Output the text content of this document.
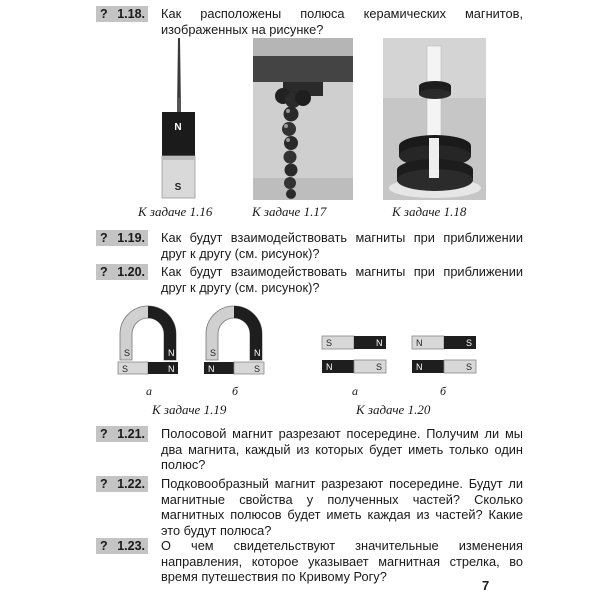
? 1.18. Как расположены полюса керамических магнитов, изображенных на рисунке?
N
S
К задаче 1.16	К задаче 1.17	К задаче 1.18
? 1.19. Как будут взаимодействовать магниты при приближении друг к другу (см. рисунок)?
? 1.20. Как будут взаимодействовать магниты при приближении друг к другу (см. рисунок)?
S	N
S	N
S	N
N	S
а	б
К задаче 1.19
S	N
N	S
N	S
N	S
а	б
К задаче 1.20
? 1.21. Полосовой магнит разрезают посередине. Получим ли мы два магнита, каждый из которых будет иметь только один полюс?
? 1.22. Подковообразный магнит разрезают посередине. Будут ли магнитные свойства у полученных частей? Сколько магнитных полюсов будет иметь каждая из частей? Какие это будут полюса?
? 1.23. О чем свидетельствуют значительные изменения направления, которое указывает магнитная стрелка, во время путешествия по Кривому Рогу?
7
